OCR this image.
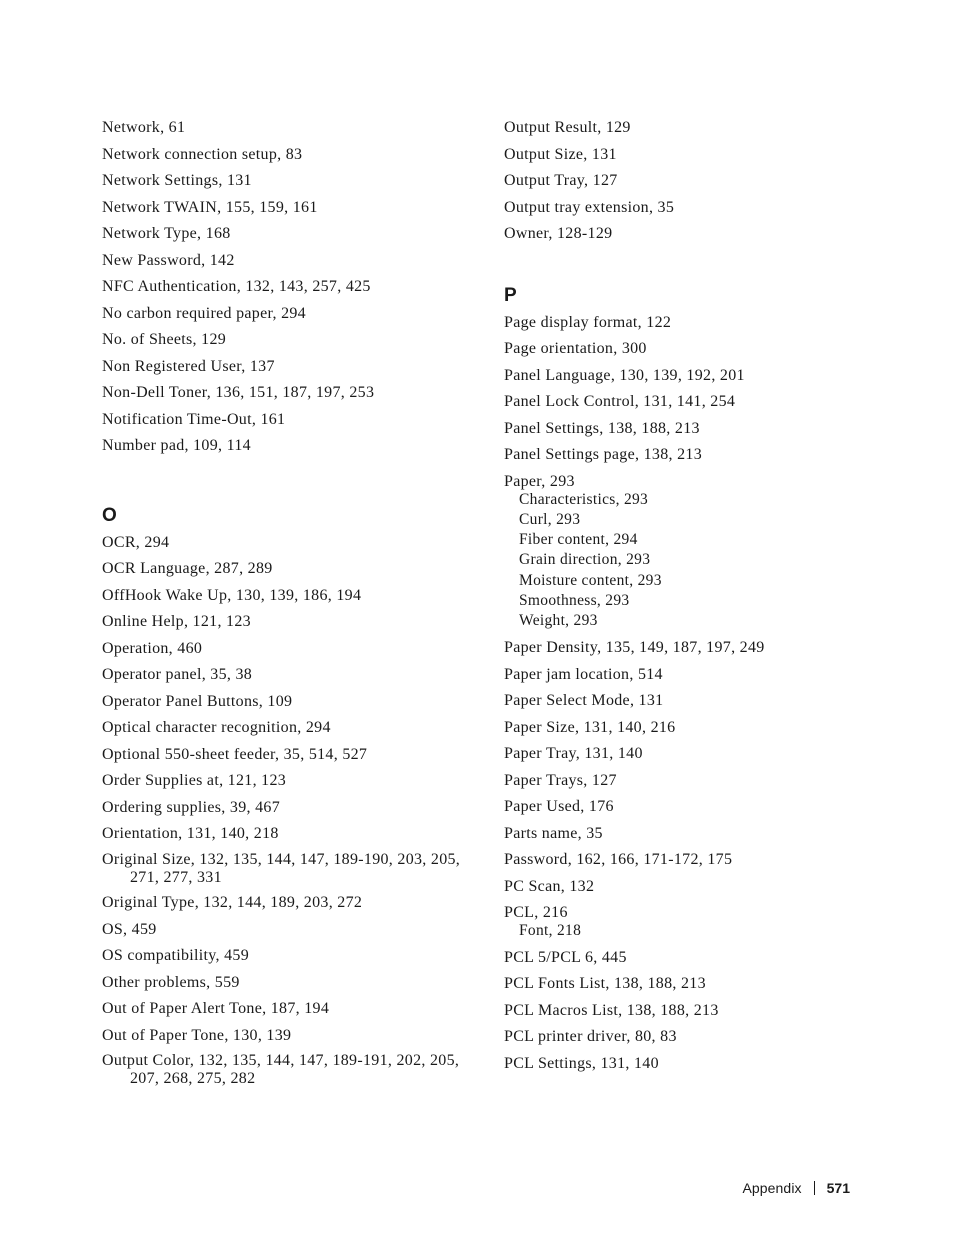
Network, 61
Network connection setup, 83
Network Settings, 131
Network TWAIN, 155, 159, 161
Network Type, 168
New Password, 142
NFC Authentication, 132, 143, 257, 425
No carbon required paper, 294
No. of Sheets, 129
Non Registered User, 137
Non-Dell Toner, 136, 151, 187, 197, 253
Notification Time-Out, 161
Number pad, 109, 114
O
OCR, 294
OCR Language, 287, 289
OffHook Wake Up, 130, 139, 186, 194
Online Help, 121, 123
Operation, 460
Operator panel, 35, 38
Operator Panel Buttons, 109
Optical character recognition, 294
Optional 550-sheet feeder, 35, 514, 527
Order Supplies at, 121, 123
Ordering supplies, 39, 467
Orientation, 131, 140, 218
Original Size, 132, 135, 144, 147, 189-190, 203, 205, 271, 277, 331
Original Type, 132, 144, 189, 203, 272
OS, 459
OS compatibility, 459
Other problems, 559
Out of Paper Alert Tone, 187, 194
Out of Paper Tone, 130, 139
Output Color, 132, 135, 144, 147, 189-191, 202, 205, 207, 268, 275, 282
Output Result, 129
Output Size, 131
Output Tray, 127
Output tray extension, 35
Owner, 128-129
P
Page display format, 122
Page orientation, 300
Panel Language, 130, 139, 192, 201
Panel Lock Control, 131, 141, 254
Panel Settings, 138, 188, 213
Panel Settings page, 138, 213
Paper, 293
Characteristics, 293
Curl, 293
Fiber content, 294
Grain direction, 293
Moisture content, 293
Smoothness, 293
Weight, 293
Paper Density, 135, 149, 187, 197, 249
Paper jam location, 514
Paper Select Mode, 131
Paper Size, 131, 140, 216
Paper Tray, 131, 140
Paper Trays, 127
Paper Used, 176
Parts name, 35
Password, 162, 166, 171-172, 175
PC Scan, 132
PCL, 216
Font, 218
PCL 5/PCL 6, 445
PCL Fonts List, 138, 188, 213
PCL Macros List, 138, 188, 213
PCL printer driver, 80, 83
PCL Settings, 131, 140
Appendix 571
